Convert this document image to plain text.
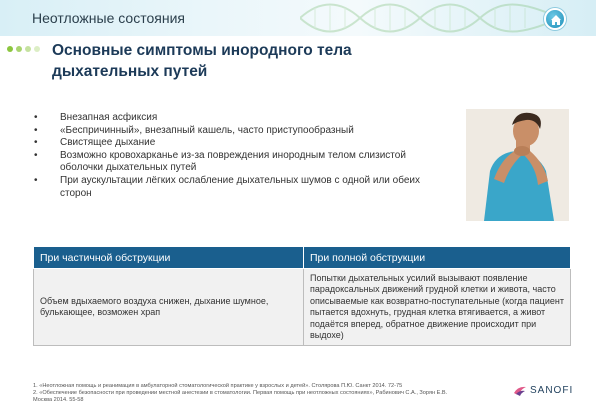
Неотложные состояния
Основные симптомы инородного тела дыхательных путей
• Внезапная асфиксия
• «Беспричинный», внезапный кашель, часто приступообразный
• Свистящее дыхание
• Возможно кровохарканье из-за повреждения инородным телом слизистой оболочки дыхательных путей
• При аускультации лёгких ослабление дыхательных шумов с одной или обеих сторон
При частичной обструкции	При полной обструкции
Объем вдыхаемого воздуха снижен, дыхание шумное, булькающее, возможен храп	Попытки дыхательных усилий вызывают появление парадоксальных движений грудной клетки и живота, часто описываемые как возвратно-поступательные (когда пациент пытается вдохнуть, грудная клетка втягивается, а живот подаётся вперед, обратное движение происходит при выдохе)
1. «Неотложная помощь и реанимация в амбулаторной стоматологической практике у взрослых и детей». Столярова П.Ю. Санкт 2014. 72-75
2. «Обеспечение безопасности при проведении местной анестезии в стоматологии. Первая помощь при неотложных состояниях», Рабинович С.А., Зорян Е.В. Москва 2014. 55-58
SANOFI
